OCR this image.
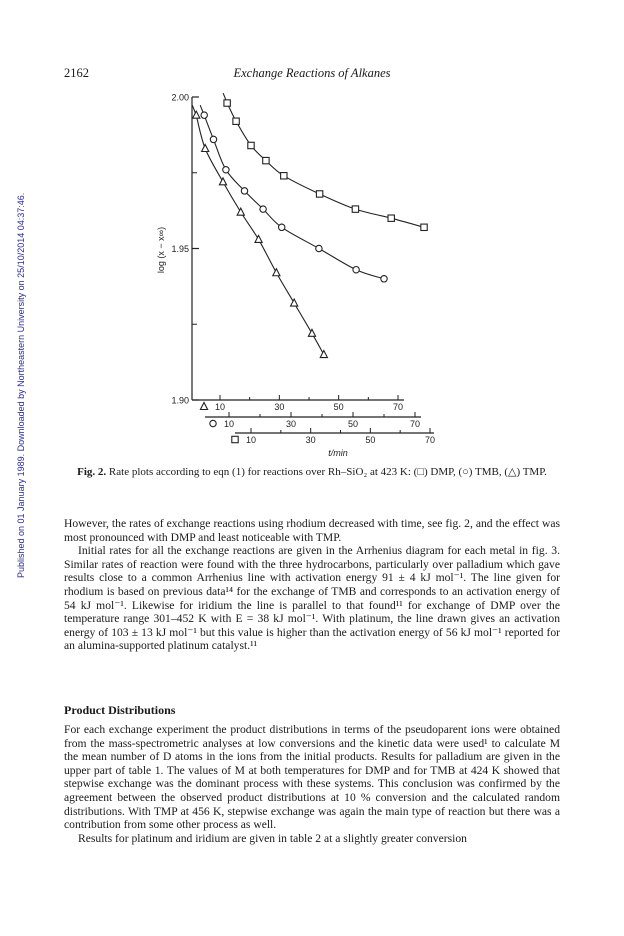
Published on 01 January 1989. Downloaded by Northeastern University on 25/10/2014 04:37:46.
2162	Exchange Reactions of Alkanes
2.00
1.95
1.90
log (x − x∞)
10	30	50	70
10	30	50	70
10	30	50	70
t/min
Fig. 2. Rate plots according to eqn (1) for reactions over Rh–SiO₂ at 423 K: (□) DMP, (○) TMB, (△) TMP.

However, the rates of exchange reactions using rhodium decreased with time, see fig. 2, and the effect was most pronounced with DMP and least noticeable with TMP.

Initial rates for all the exchange reactions are given in the Arrhenius diagram for each metal in fig. 3. Similar rates of reaction were found with the three hydrocarbons, particularly over palladium which gave results close to a common Arrhenius line with activation energy 91 ± 4 kJ mol⁻¹. The line given for rhodium is based on previous data¹⁴ for the exchange of TMB and corresponds to an activation energy of 54 kJ mol⁻¹. Likewise for iridium the line is parallel to that found¹¹ for exchange of DMP over the temperature range 301–452 K with E = 38 kJ mol⁻¹. With platinum, the line drawn gives an activation energy of 103 ± 13 kJ mol⁻¹ but this value is higher than the activation energy of 56 kJ mol⁻¹ reported for an alumina-supported platinum catalyst.¹¹

Product Distributions

For each exchange experiment the product distributions in terms of the pseudoparent ions were obtained from the mass-spectrometric analyses at low conversions and the kinetic data were used¹ to calculate M the mean number of D atoms in the ions from the initial products. Results for palladium are given in the upper part of table 1. The values of M at both temperatures for DMP and for TMB at 424 K showed that stepwise exchange was the dominant process with these systems. This conclusion was confirmed by the agreement between the observed product distributions at 10 % conversion and the calculated random distributions. With TMP at 456 K, stepwise exchange was again the main type of reaction but there was a contribution from some other process as well.

Results for platinum and iridium are given in table 2 at a slightly greater conversion
